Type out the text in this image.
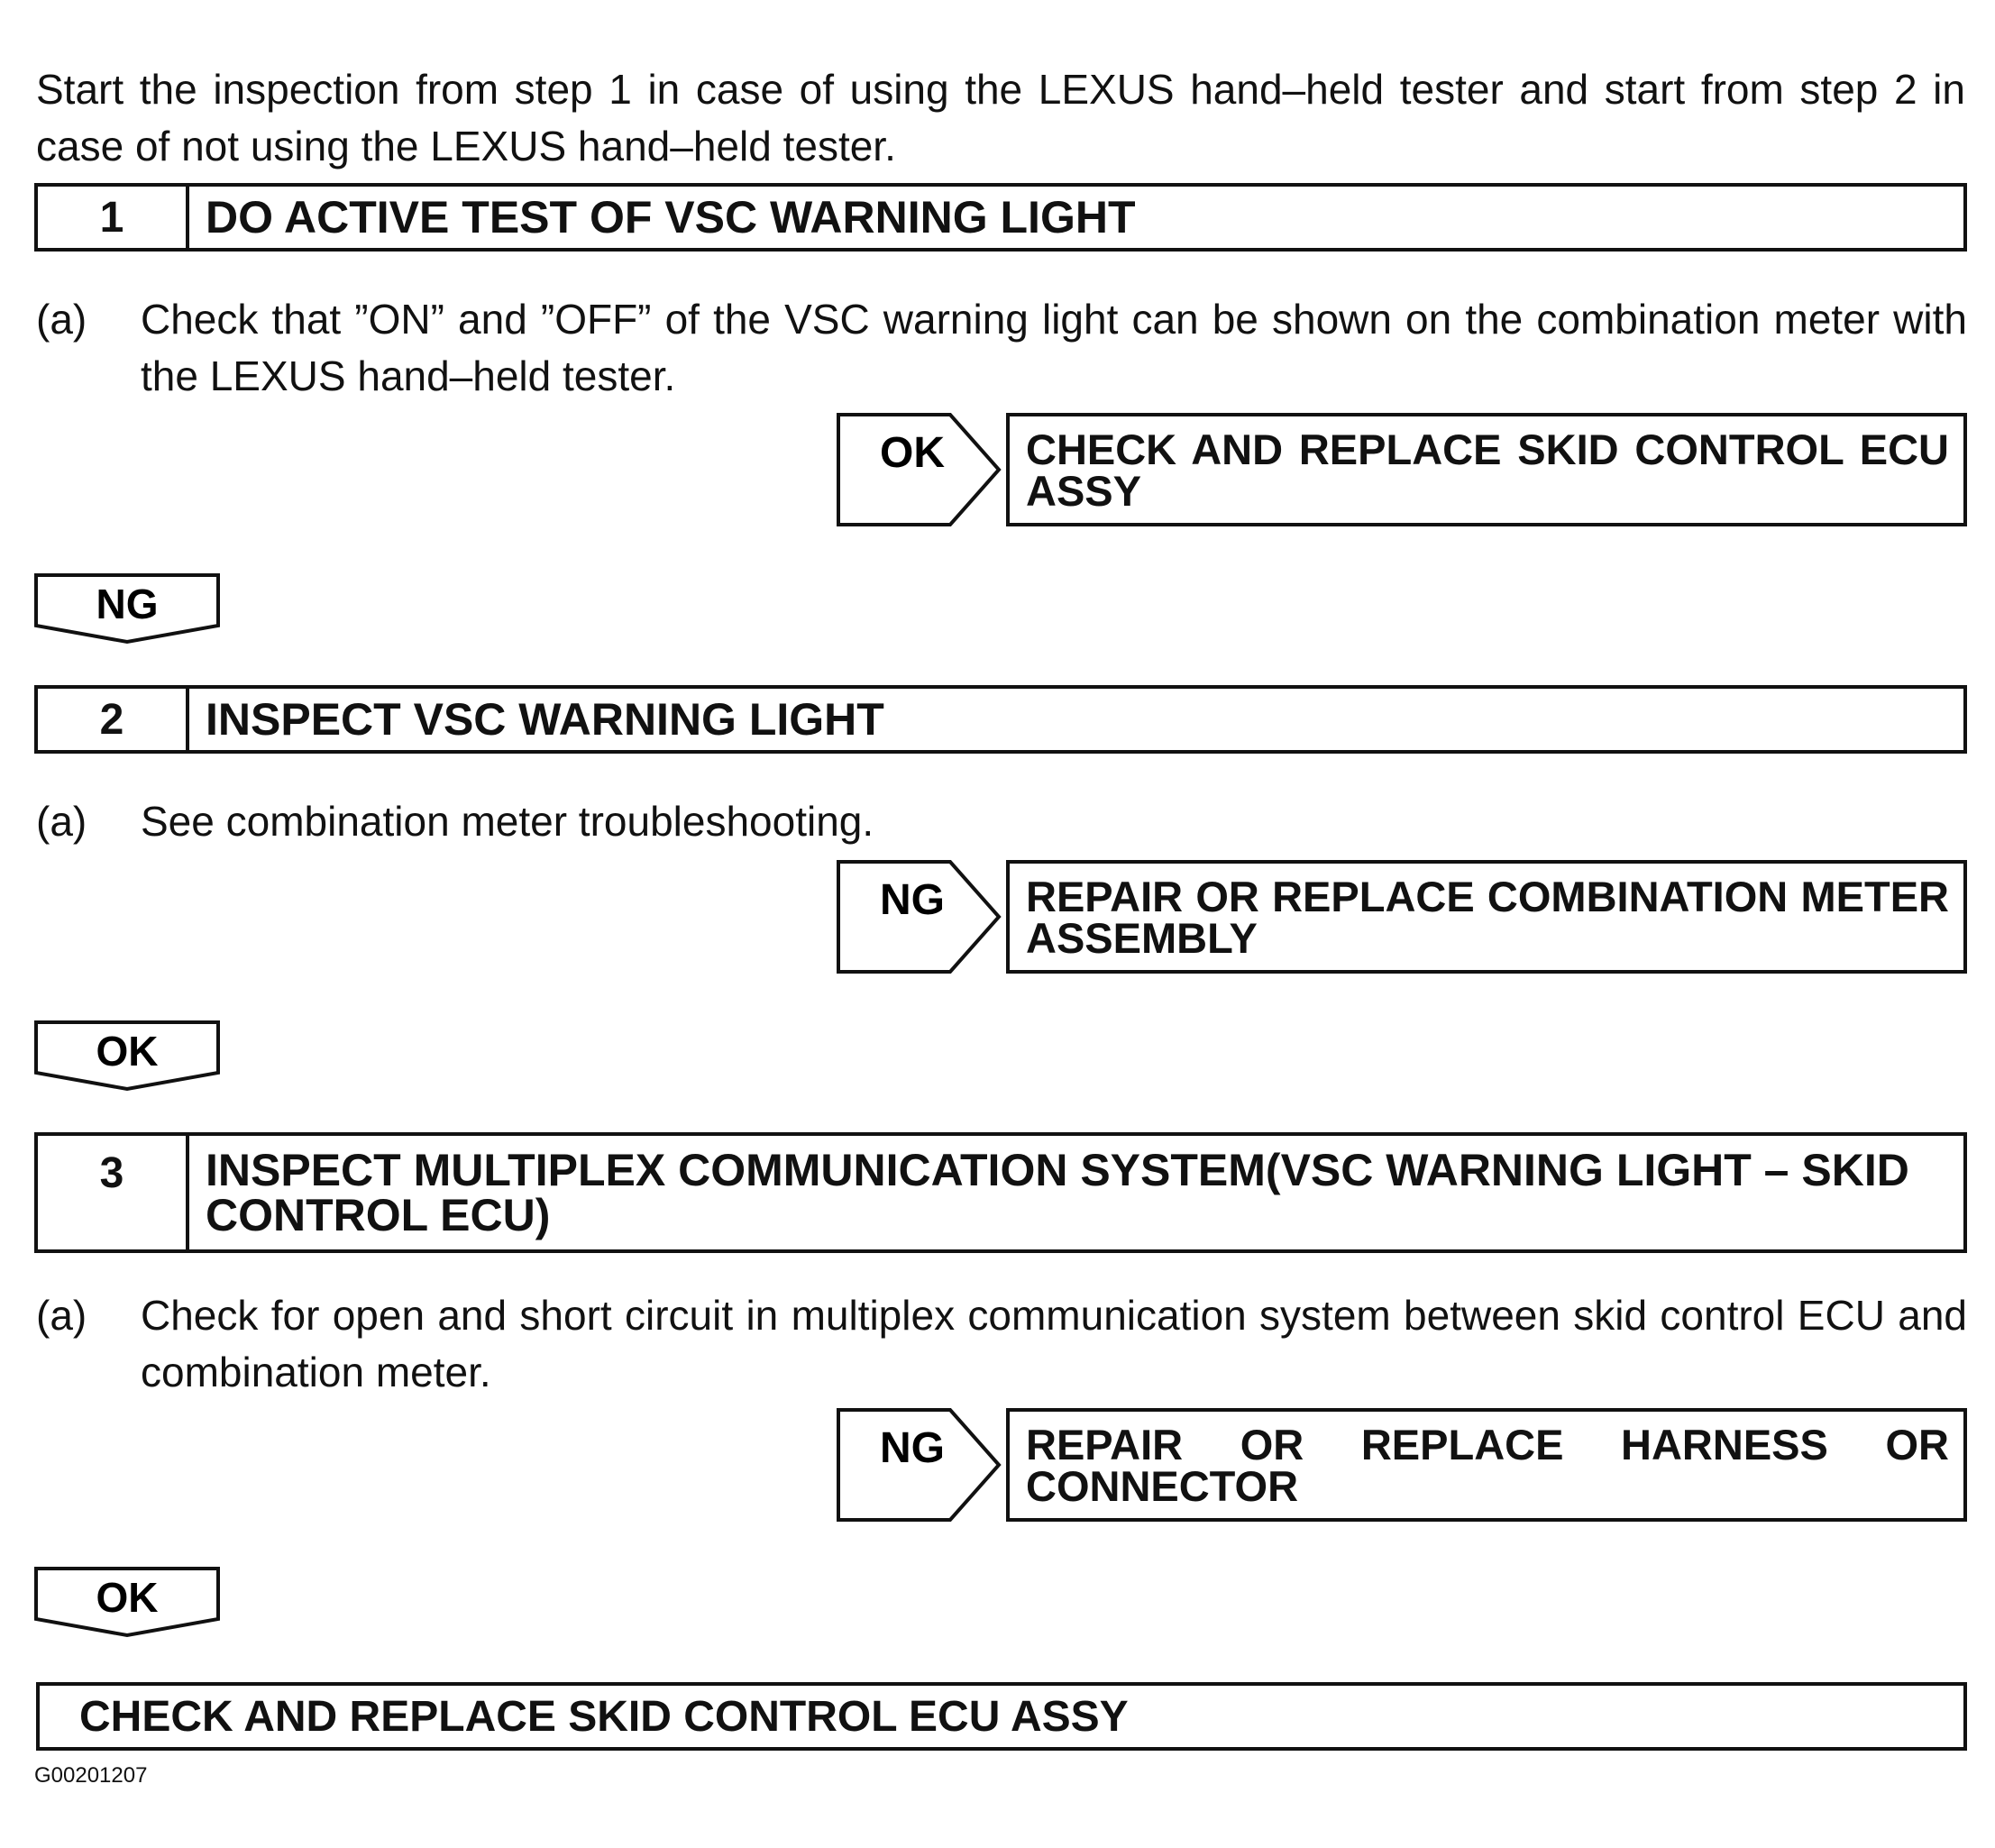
Start the inspection from step 1 in case of using the LEXUS hand–held tester and start from step 2 in case of not using the LEXUS hand–held tester.
1	DO ACTIVE TEST OF VSC WARNING LIGHT
(a) Check that ”ON” and ”OFF” of the VSC warning light can be shown on the combination meter with the LEXUS hand–held tester.
OK CHECK AND REPLACE SKID CONTROL ECU
ASSY
NG
2	INSPECT VSC WARNING LIGHT
(a) See combination meter troubleshooting.
NG REPAIR OR REPLACE COMBINATION METER
ASSEMBLY
OK
3	INSPECT MULTIPLEX COMMUNICATION SYSTEM(VSC WARNING LIGHT – SKID
CONTROL ECU)
(a) Check for open and short circuit in multiplex communication system between skid control ECU and combination meter.
NG REPAIR OR REPLACE HARNESS OR
CONNECTOR
OK
CHECK AND REPLACE SKID CONTROL ECU ASSY
G00201207
